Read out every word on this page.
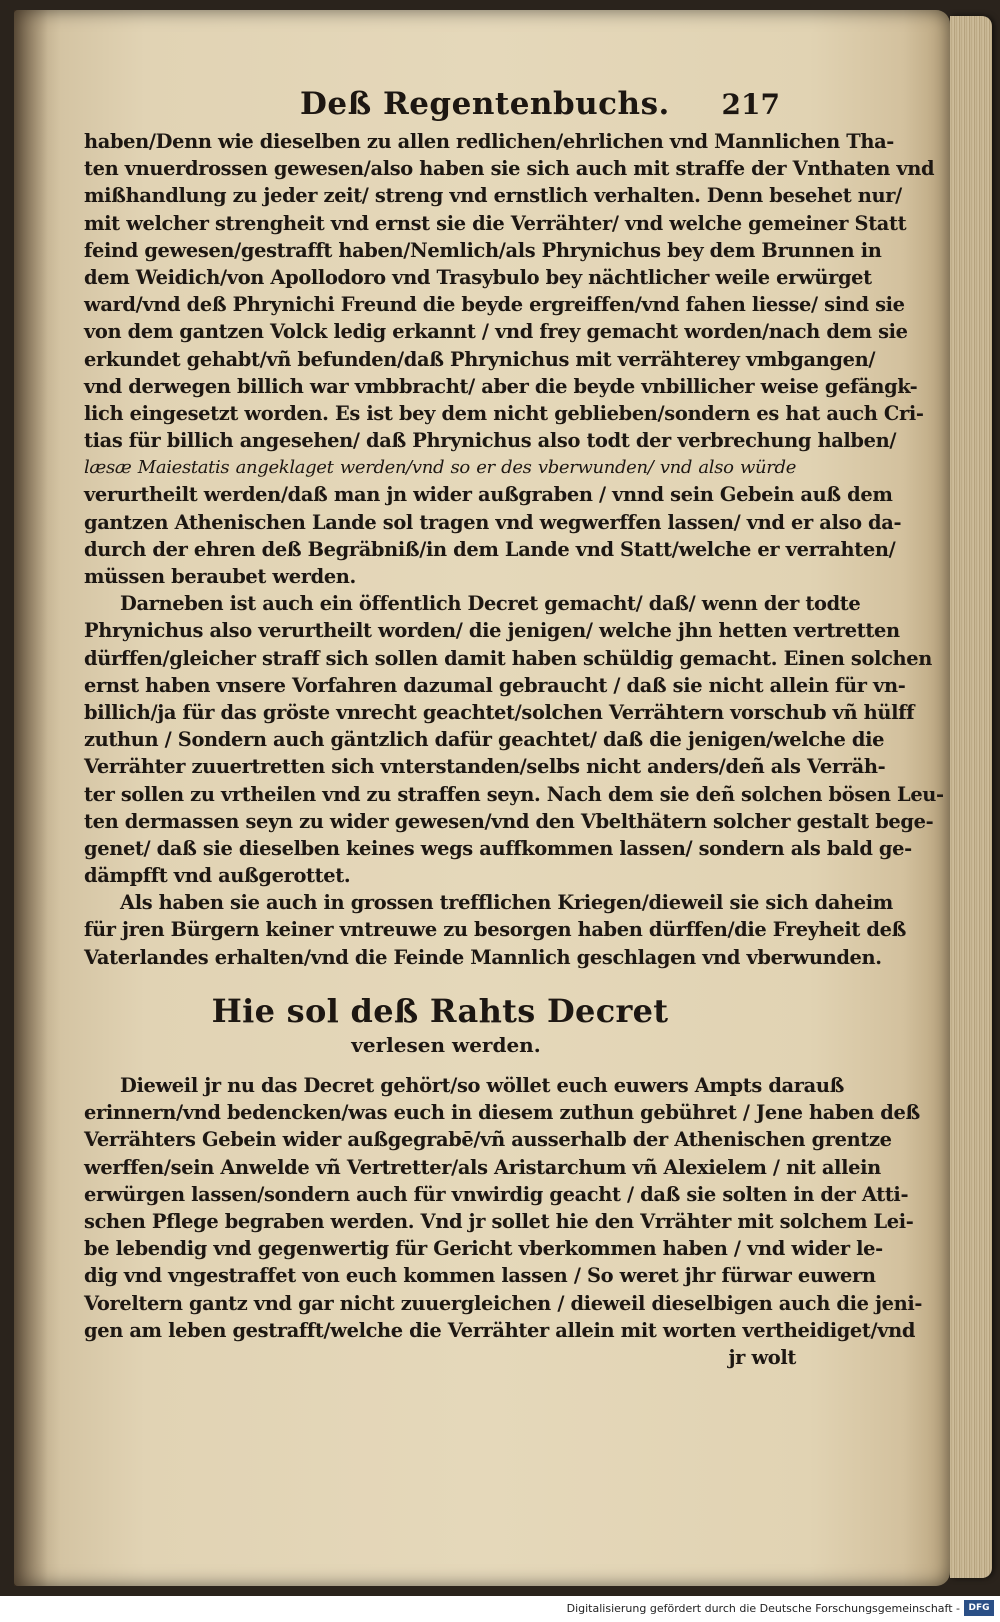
Deß Regentenbuchs. 217
haben/Denn wie dieselben zu allen redlichen/ehrlichen vnd Mannlichen Tha-
ten vnuerdrossen gewesen/also haben sie sich auch mit straffe der Vnthaten vnd
mißhandlung zu jeder zeit/ streng vnd ernstlich verhalten. Denn besehet nur/
mit welcher strengheit vnd ernst sie die Verrähter/ vnd welche gemeiner Statt
feind gewesen/gestrafft haben/Nemlich/als Phrynichus bey dem Brunnen in
dem Weidich/von Apollodoro vnd Trasybulo bey nächtlicher weile erwürget
ward/vnd deß Phrynichi Freund die beyde ergreiffen/vnd fahen liesse/ sind sie
von dem gantzen Volck ledig erkannt / vnd frey gemacht worden/nach dem sie
erkundet gehabt/vñ befunden/daß Phrynichus mit verrähterey vmbgangen/
vnd derwegen billich war vmbbracht/ aber die beyde vnbillicher weise gefängk-
lich eingesetzt worden. Es ist bey dem nicht geblieben/sondern es hat auch Cri-
tias für billich angesehen/ daß Phrynichus also todt der verbrechung halben/
læsæ Maiestatis angeklaget werden/vnd so er des vberwunden/ vnd also würde
verurtheilt werden/daß man jn wider außgraben / vnnd sein Gebein auß dem
gantzen Athenischen Lande sol tragen vnd wegwerffen lassen/ vnd er also da-
durch der ehren deß Begräbniß/in dem Lande vnd Statt/welche er verrahten/
müssen beraubet werden.
Darneben ist auch ein öffentlich Decret gemacht/ daß/ wenn der todte
Phrynichus also verurtheilt worden/ die jenigen/ welche jhn hetten vertretten
dürffen/gleicher straff sich sollen damit haben schüldig gemacht. Einen solchen
ernst haben vnsere Vorfahren dazumal gebraucht / daß sie nicht allein für vn-
billich/ja für das gröste vnrecht geachtet/solchen Verrähtern vorschub vñ hülff
zuthun / Sondern auch gäntzlich dafür geachtet/ daß die jenigen/welche die
Verrähter zuuertretten sich vnterstanden/selbs nicht anders/deñ als Verräh-
ter sollen zu vrtheilen vnd zu straffen seyn. Nach dem sie deñ solchen bösen Leu-
ten dermassen seyn zu wider gewesen/vnd den Vbelthätern solcher gestalt bege-
genet/ daß sie dieselben keines wegs auffkommen lassen/ sondern als bald ge-
dämpfft vnd außgerottet.
Als haben sie auch in grossen trefflichen Kriegen/dieweil sie sich daheim
für jren Bürgern keiner vntreuwe zu besorgen haben dürffen/die Freyheit deß
Vaterlandes erhalten/vnd die Feinde Mannlich geschlagen vnd vberwunden.
Hie sol deß Rahts Decret
verlesen werden.
Dieweil jr nu das Decret gehört/so wöllet euch euwers Ampts darauß
erinnern/vnd bedencken/was euch in diesem zuthun gebühret / Jene haben deß
Verrähters Gebein wider außgegrabē/vñ ausserhalb der Athenischen grentze
werffen/sein Anwelde vñ Vertretter/als Aristarchum vñ Alexielem / nit allein
erwürgen lassen/sondern auch für vnwirdig geacht / daß sie solten in der Atti-
schen Pflege begraben werden. Vnd jr sollet hie den Vrrähter mit solchem Lei-
be lebendig vnd gegenwertig für Gericht vberkommen haben / vnd wider le-
dig vnd vngestraffet von euch kommen lassen / So weret jhr fürwar euwern
Voreltern gantz vnd gar nicht zuuergleichen / dieweil dieselbigen auch die jeni-
gen am leben gestrafft/welche die Verrähter allein mit worten vertheidiget/vnd
jr wolt
Digitalisierung gefördert durch die Deutsche Forschungsgemeinschaft - DFG
